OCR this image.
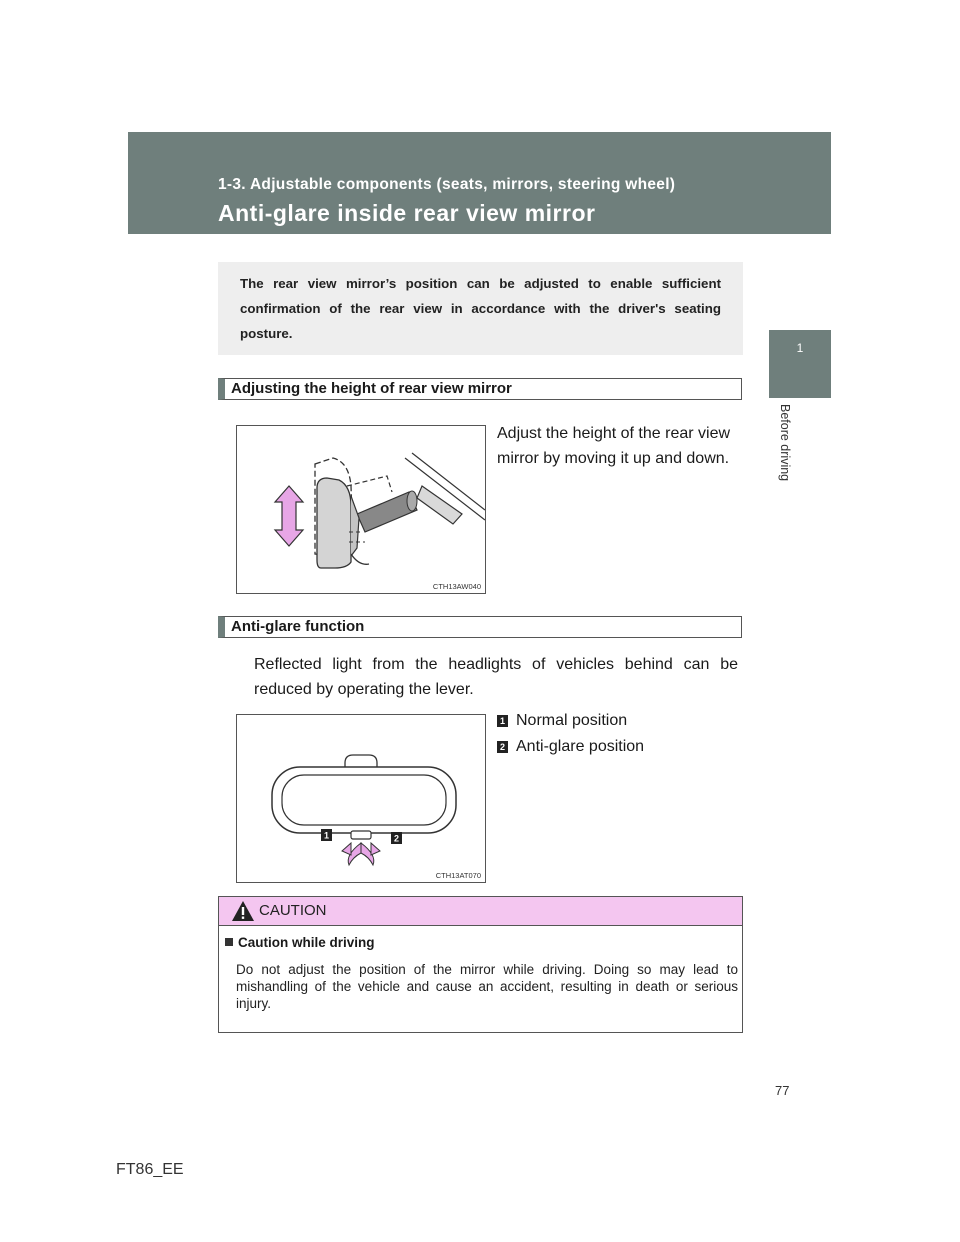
1-3. Adjustable components (seats, mirrors, steering wheel)
Anti-glare inside rear view mirror
1
Before driving
The rear view mirror’s position can be adjusted to enable sufficient confirmation of the rear view in accordance with the driver's seating posture.
Adjusting the height of rear view mirror
CTH13AW040
Adjust the height of the rear view mirror by moving it up and down.
Anti-glare function
Reflected light from the headlights of vehicles behind can be reduced by operating the lever.
1 Normal position
2 Anti-glare position
1	2
CTH13AT070
CAUTION
Caution while driving
Do not adjust the position of the mirror while driving. Doing so may lead to mishandling of the vehicle and cause an accident, resulting in death or serious injury.
77
FT86_EE
